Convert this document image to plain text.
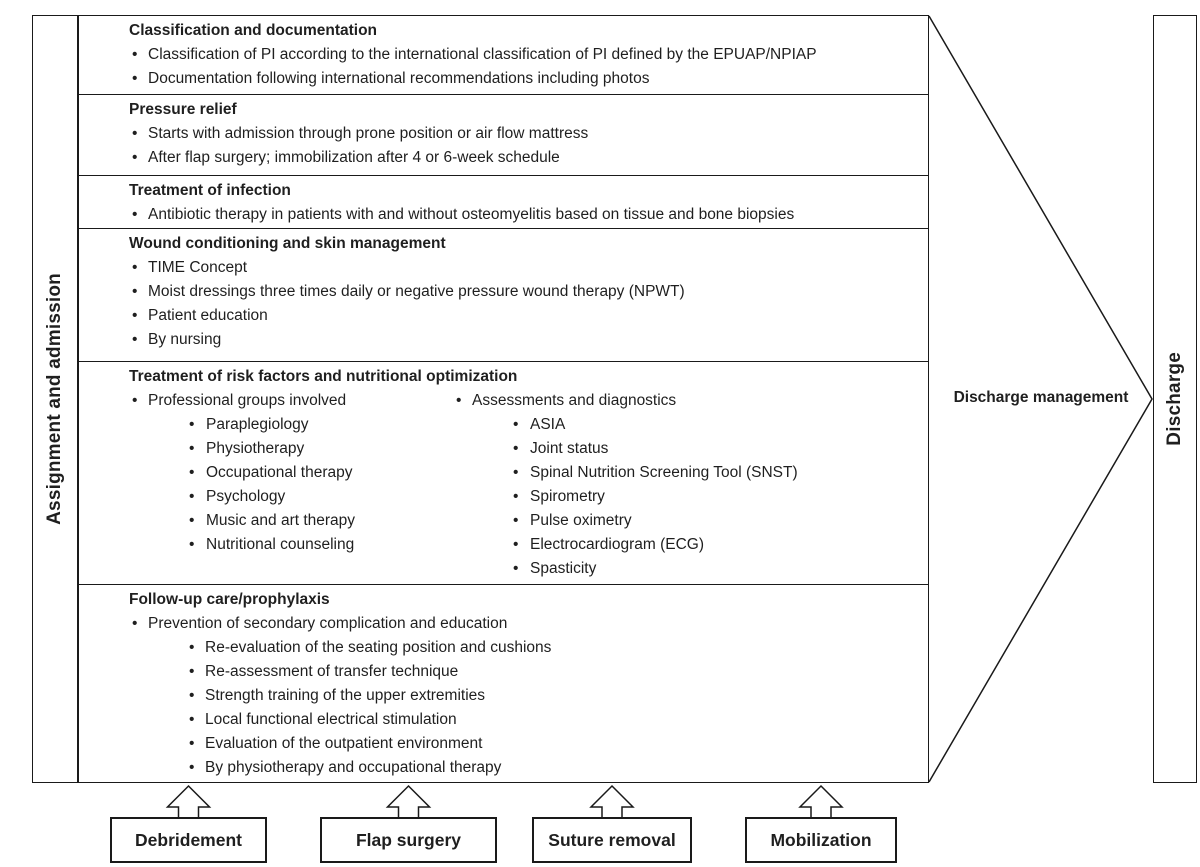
Assignment and admission
Classification and documentation
• Classification of PI according to the international classification of PI defined by the EPUAP/NPIAP
• Documentation following international recommendations including photos
Pressure relief
• Starts with admission through prone position or air flow mattress
• After flap surgery; immobilization after 4 or 6-week schedule
Treatment of infection
• Antibiotic therapy in patients with and without osteomyelitis based on tissue and bone biopsies
Wound conditioning and skin management
• TIME Concept
• Moist dressings three times daily or negative pressure wound therapy (NPWT)
• Patient education
• By nursing
Treatment of risk factors and nutritional optimization
• Professional groups involved
• Paraplegiology
• Physiotherapy
• Occupational therapy
• Psychology
• Music and art therapy
• Nutritional counseling
• Assessments and diagnostics
• ASIA
• Joint status
• Spinal Nutrition Screening Tool (SNST)
• Spirometry
• Pulse oximetry
• Electrocardiogram (ECG)
• Spasticity
Follow-up care/prophylaxis
• Prevention of secondary complication and education
• Re-evaluation of the seating position and cushions
• Re-assessment of transfer technique
• Strength training of the upper extremities
• Local functional electrical stimulation
• Evaluation of the outpatient environment
• By physiotherapy and occupational therapy
Discharge management	Discharge
Debridement	Flap surgery	Suture removal	Mobilization
